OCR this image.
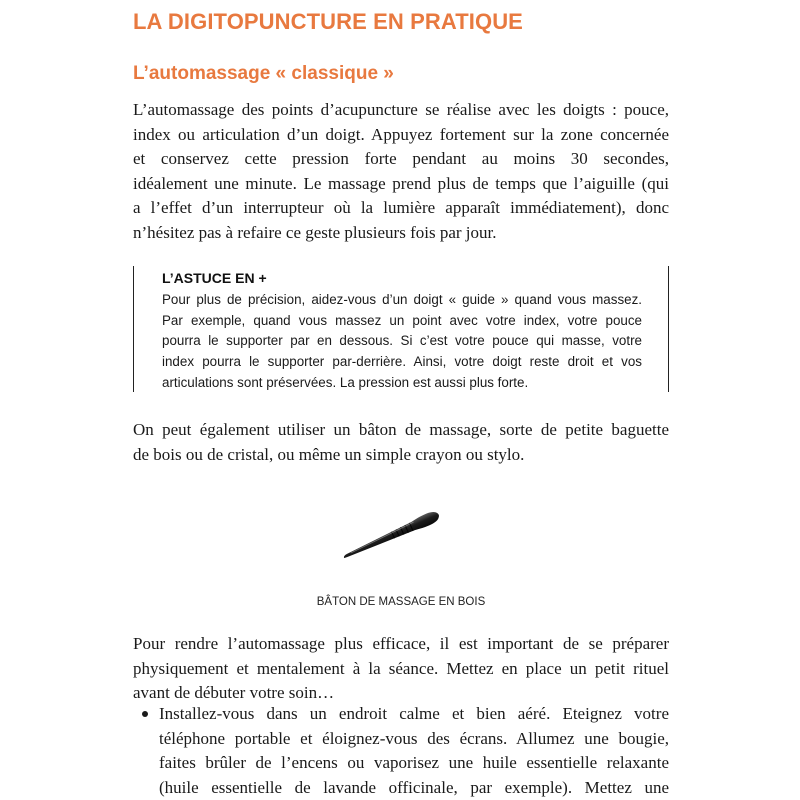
LA DIGITOPUNCTURE EN PRATIQUE
L’automassage « classique »
L’automassage des points d’acupuncture se réalise avec les doigts : pouce,
index ou articulation d’un doigt. Appuyez fortement sur la zone concernée
et conservez cette pression forte pendant au moins 30 secondes,
idéalement une minute. Le massage prend plus de temps que l’aiguille (qui
a l’effet d’un interrupteur où la lumière apparaît immédiatement), donc
n’hésitez pas à refaire ce geste plusieurs fois par jour.
L’ASTUCE EN +
Pour plus de précision, aidez-vous d’un doigt « guide » quand vous massez.
Par exemple, quand vous massez un point avec votre index, votre pouce
pourra le supporter par en dessous. Si c’est votre pouce qui masse, votre
index pourra le supporter par-derrière. Ainsi, votre doigt reste droit et vos
articulations sont préservées. La pression est aussi plus forte.
On peut également utiliser un bâton de massage, sorte de petite baguette
de bois ou de cristal, ou même un simple crayon ou stylo.
BÂTON DE MASSAGE EN BOIS
Pour rendre l’automassage plus efficace, il est important de se préparer
physiquement et mentalement à la séance. Mettez en place un petit rituel
avant de débuter votre soin…
Installez-vous dans un endroit calme et bien aéré. Eteignez votre
téléphone portable et éloignez-vous des écrans. Allumez une bougie,
faites brûler de l’encens ou vaporisez une huile essentielle relaxante
(huile essentielle de lavande officinale, par exemple). Mettez une
